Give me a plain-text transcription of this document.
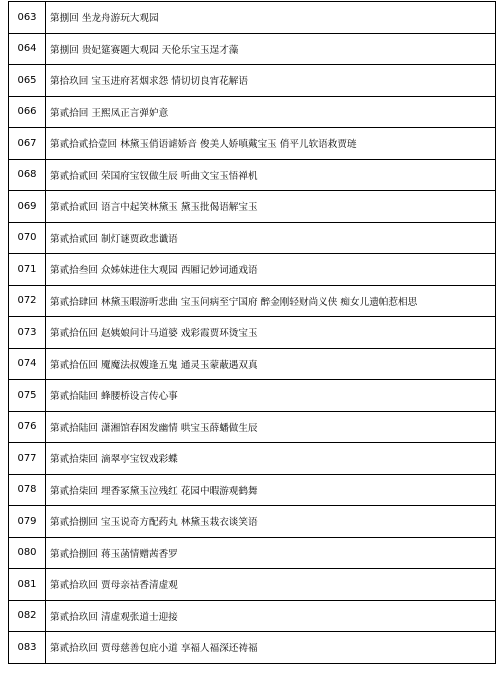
063	第捌回 坐龙舟游玩大观园
064	第捌回 贵妃筵赛题大观园 天伦乐宝玉逞才藻
065	第拾玖回 宝玉进府茗烟求怨 情切切良宵花解语
066	第贰拾回 王熙凤正言弹妒意
067	第贰拾贰拾壹回 林黛玉俏语谑娇音 俊美人娇嗔戴宝玉 俏平儿软语救贾琏
068	第贰拾贰回 荣国府宝钗做生辰 听曲文宝玉悟禅机
069	第贰拾贰回 语言中起笑林黛玉 黛玉批偈语解宝玉
070	第贰拾贰回 制灯谜贾政悲谶语
071	第贰拾叁回 众姊妹进住大观园 西厢记妙词通戏语
072	第贰拾肆回 林黛玉暇游听悲曲 宝玉问病至宁国府 醉金刚轻财尚义侠 痴女儿遗帕惹相思
073	第贰拾伍回 赵姨娘问计马道婆 戏彩霞贾环烫宝玉
074	第贰拾伍回 魇魔法叔嫂逢五鬼 通灵玉蒙蔽遇双真
075	第贰拾陆回 蜂腰桥设言传心事
076	第贰拾陆回 潇湘馆春困发幽情 哄宝玉薛蟠做生辰
077	第贰拾柒回 滴翠亭宝钗戏彩蝶
078	第贰拾柒回 埋香冢黛玉泣残红 花园中暇游观鹤舞
079	第贰拾捌回 宝玉说奇方配药丸 林黛玉栽衣谈笑语
080	第贰拾捌回 蒋玉菡情赠茜香罗
081	第贰拾玖回 贾母亲祜香清虚观
082	第贰拾玖回 清虚观张道士迎接
083	第贰拾玖回 贾母慈善包庇小道 享福人福深还祷福
